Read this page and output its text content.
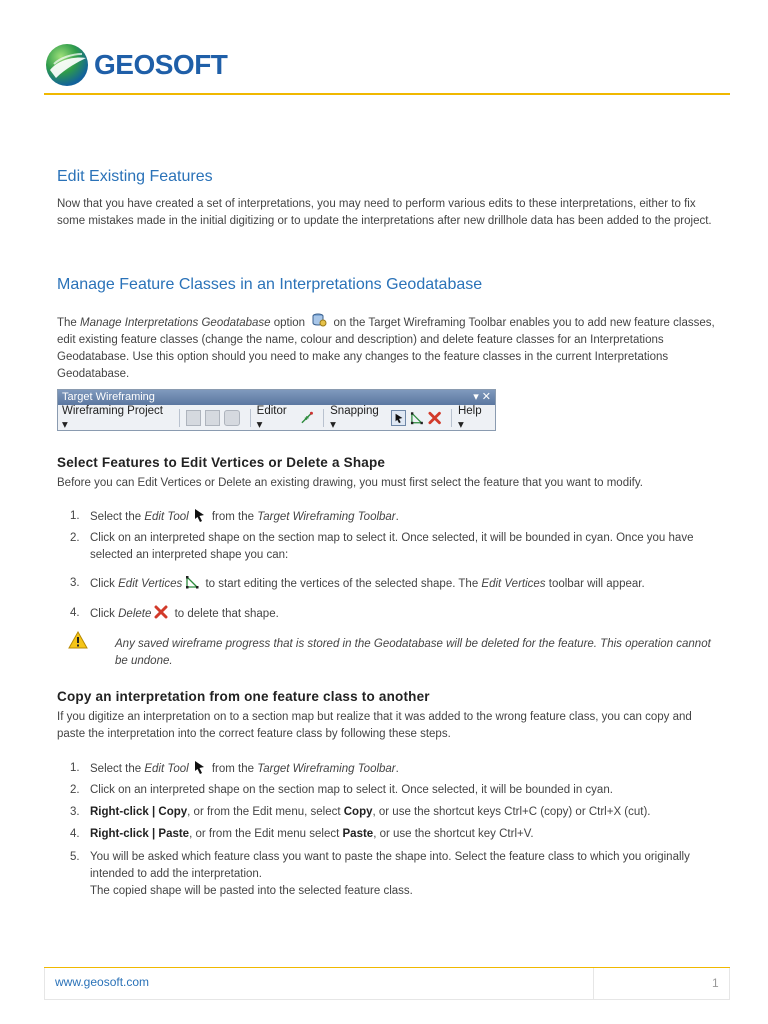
GEOSOFT
Edit Existing Features

Now that you have created a set of interpretations, you may need to perform various edits to these interpretations, either to fix some mistakes made in the initial digitizing or to update the interpretations after new drillhole data has been added to the project.

Manage Feature Classes in an Interpretations Geodatabase

The Manage Interpretations Geodatabase option  on the Target Wireframing Toolbar enables you to add new feature classes, edit existing feature classes (change the name, colour and description) and delete feature classes for an Interpretations Geodatabase. Use this option should you need to make any changes to the feature classes in the current Interpretations Geodatabase.

Target Wireframing	▾ ✕
Wireframing Project ▾
Editor ▾
Snapping ▾
Help ▾
Select Features to Edit Vertices or Delete a Shape

Before you can Edit Vertices or Delete an existing drawing, you must first select the feature that you want to modify.

1. Select the Edit Tool from the Target Wireframing Toolbar.
2. Click on an interpreted shape on the section map to select it. Once selected, it will be bounded in cyan. Once you have selected an interpreted shape you can:
3. Click Edit Vertices to start editing the vertices of the selected shape. The Edit Vertices toolbar will appear.
4. Click Delete to delete that shape.
Any saved wireframe progress that is stored in the Geodatabase will be deleted for the feature. This operation cannot be undone.
Copy an interpretation from one feature class to another

If you digitize an interpretation on to a section map but realize that it was added to the wrong feature class, you can copy and paste the interpretation into the correct feature class by following these steps.

1. Select the Edit Tool from the Target Wireframing Toolbar.
2. Click on an interpreted shape on the section map to select it. Once selected, it will be bounded in cyan.
3. Right-click | Copy, or from the Edit menu, select Copy, or use the shortcut keys Ctrl+C (copy) or Ctrl+X (cut).
4. Right-click | Paste, or from the Edit menu select Paste, or use the shortcut key Ctrl+V.
5. You will be asked which feature class you want to paste the shape into. Select the feature class to which you originally intended to add the interpretation.
The copied shape will be pasted into the selected feature class.
www.geosoft.com	1
